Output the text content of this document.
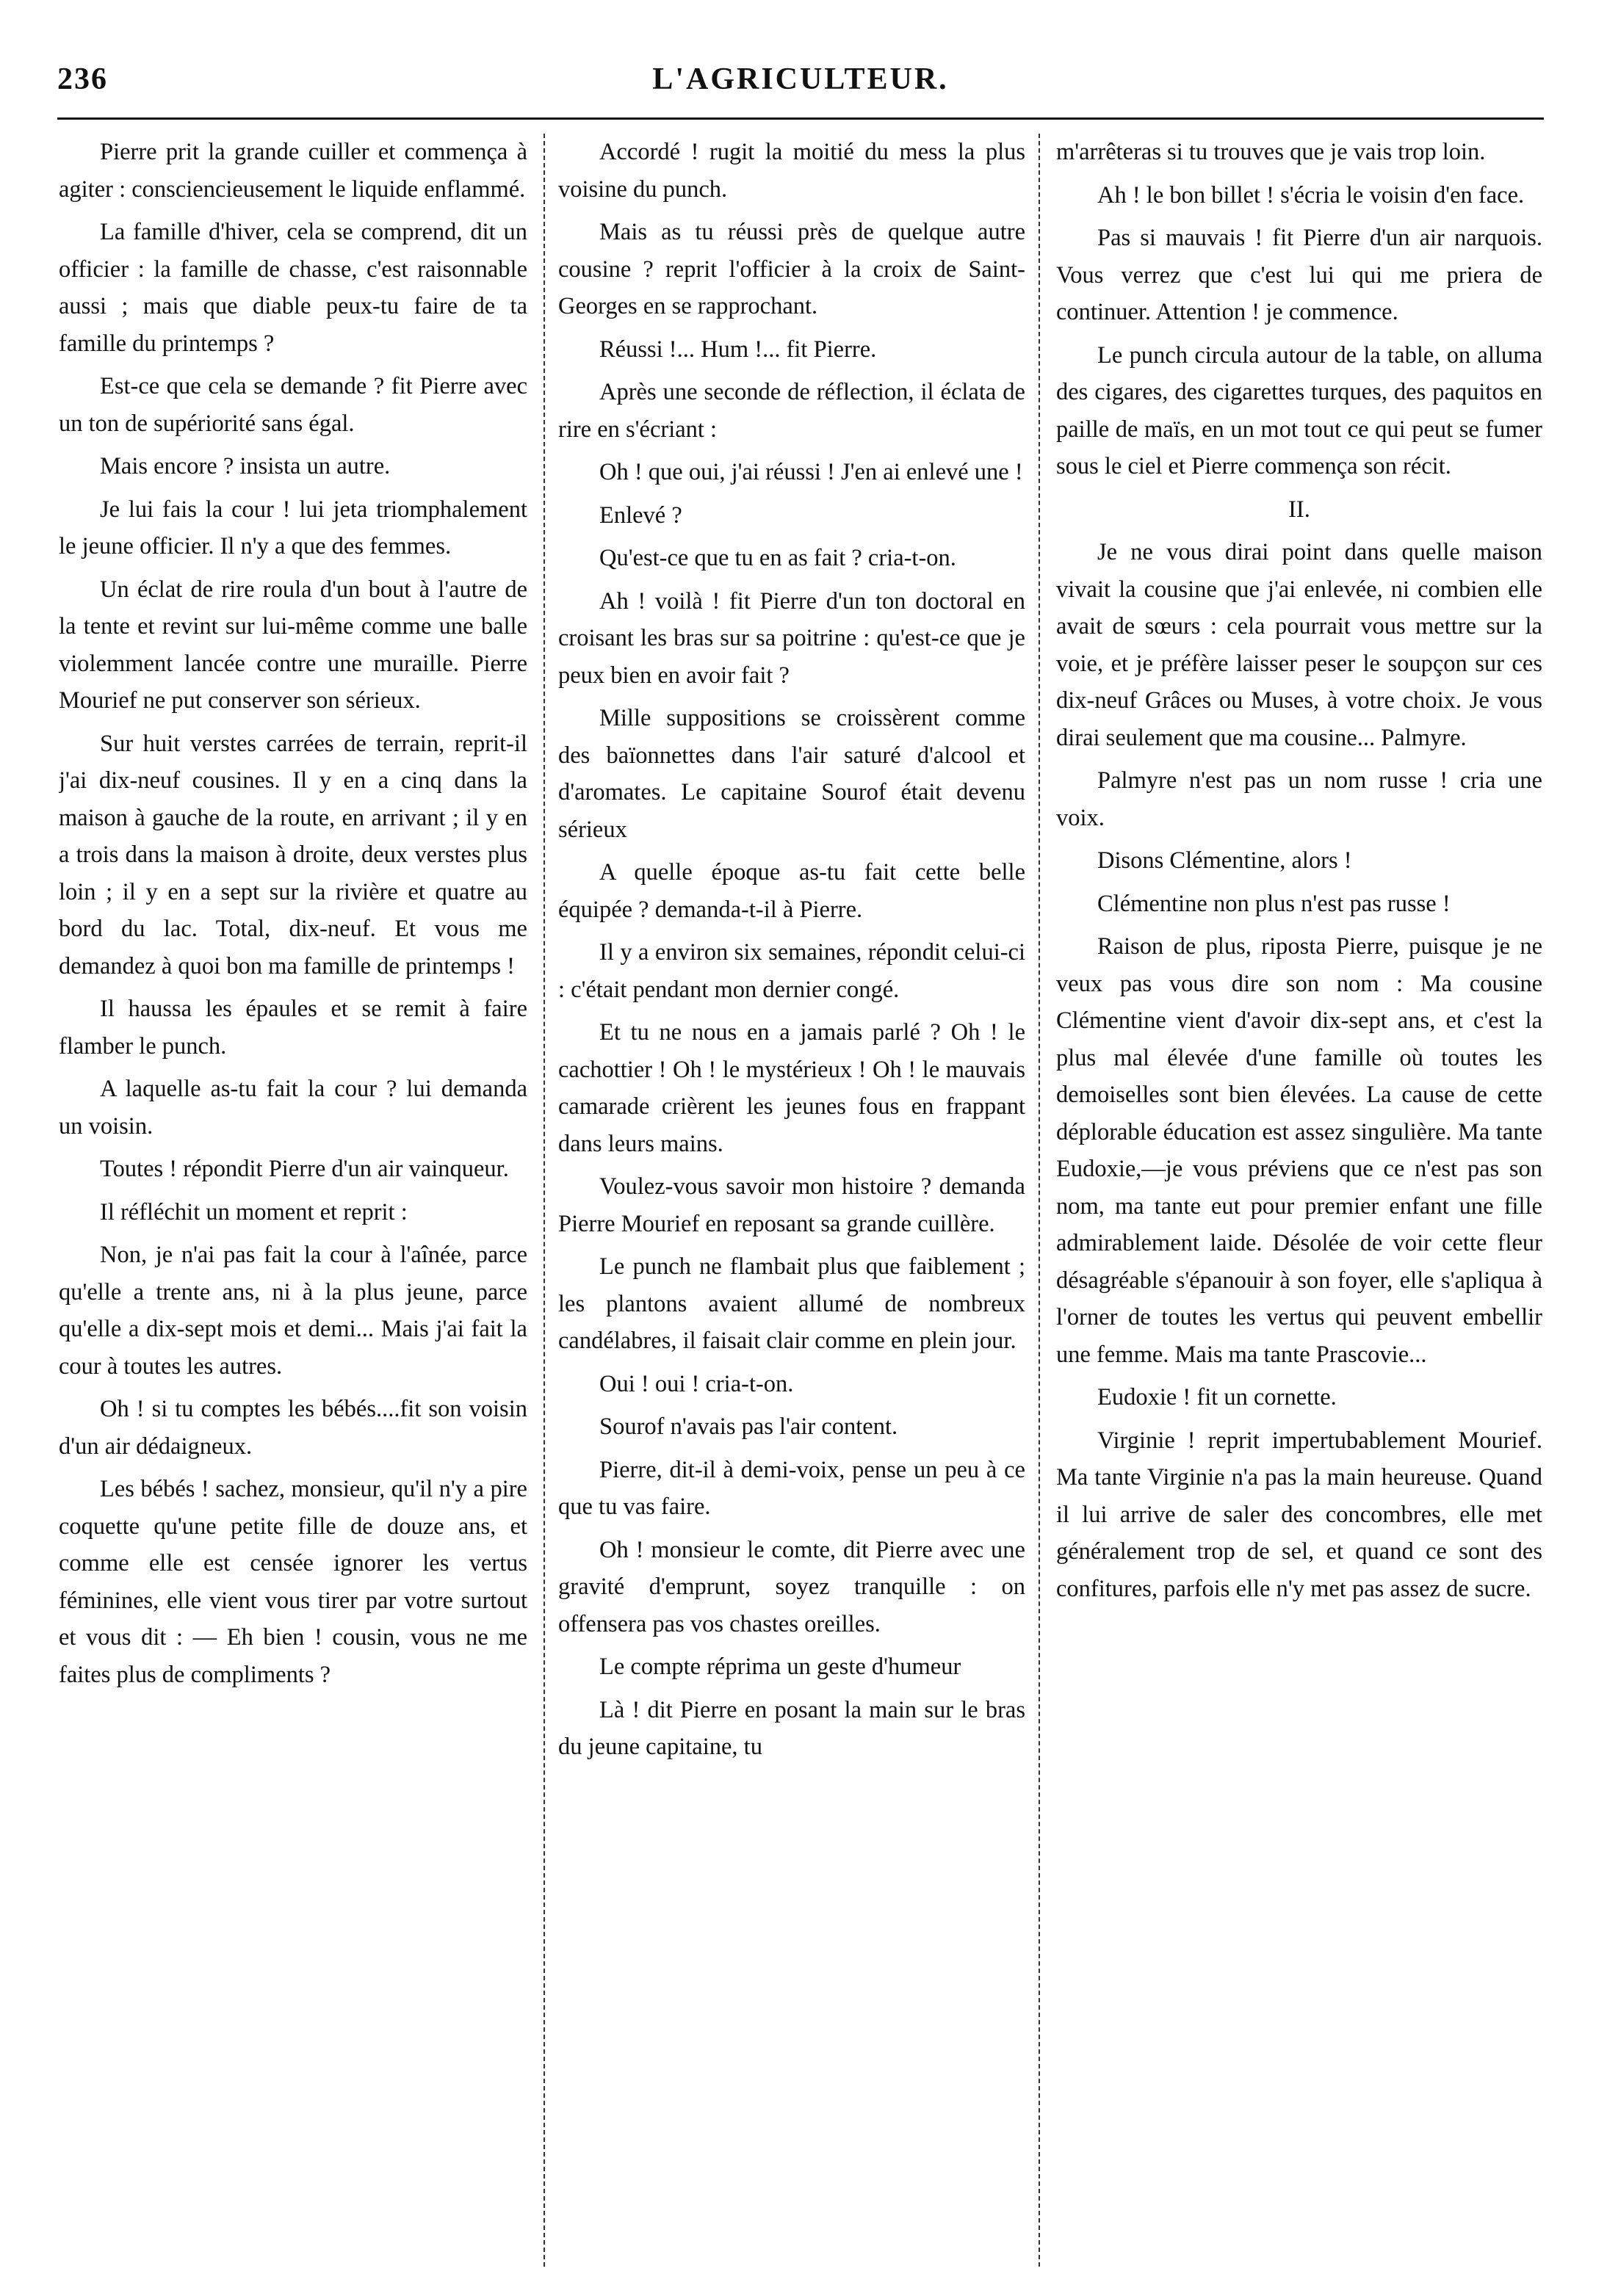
236	L'AGRICULTEUR.

Pierre prit la grande cuiller et commença à agiter : consciencieusement le liquide enflammé.

La famille d'hiver, cela se comprend, dit un officier : la famille de chasse, c'est raisonnable aussi ; mais que diable peux-tu faire de ta famille du printemps ?

Est-ce que cela se demande ? fit Pierre avec un ton de supériorité sans égal.

Mais encore ? insista un autre.

Je lui fais la cour ! lui jeta triomphalement le jeune officier. Il n'y a que des femmes.

Un éclat de rire roula d'un bout à l'autre de la tente et revint sur lui-même comme une balle violemment lancée contre une muraille. Pierre Mourief ne put conserver son sérieux.

Sur huit verstes carrées de terrain, reprit-il j'ai dix-neuf cousines. Il y en a cinq dans la maison à gauche de la route, en arrivant ; il y en a trois dans la maison à droite, deux verstes plus loin ; il y en a sept sur la rivière et quatre au bord du lac. Total, dix-neuf. Et vous me demandez à quoi bon ma famille de printemps !

Il haussa les épaules et se remit à faire flamber le punch.

A laquelle as-tu fait la cour ? lui demanda un voisin.

Toutes ! répondit Pierre d'un air vainqueur.

Il réfléchit un moment et reprit :

Non, je n'ai pas fait la cour à l'aînée, parce qu'elle a trente ans, ni à la plus jeune, parce qu'elle a dix-sept mois et demi... Mais j'ai fait la cour à toutes les autres.

Oh ! si tu comptes les bébés....fit son voisin d'un air dédaigneux.

Les bébés ! sachez, monsieur, qu'il n'y a pire coquette qu'une petite fille de douze ans, et comme elle est censée ignorer les vertus féminines, elle vient vous tirer par votre surtout et vous dit : — Eh bien ! cousin, vous ne me faites plus de compliments ?

Accordé ! rugit la moitié du mess la plus voisine du punch.

Mais as tu réussi près de quelque autre cousine ? reprit l'officier à la croix de Saint-Georges en se rapprochant.

Réussi !... Hum !... fit Pierre.

Après une seconde de réflection, il éclata de rire en s'écriant :

Oh ! que oui, j'ai réussi ! J'en ai enlevé une !

Enlevé ?

Qu'est-ce que tu en as fait ? cria-t-on.

Ah ! voilà ! fit Pierre d'un ton doctoral en croisant les bras sur sa poitrine : qu'est-ce que je peux bien en avoir fait ?

Mille suppositions se croissèrent comme des baïonnettes dans l'air saturé d'alcool et d'aromates. Le capitaine Sourof était devenu sérieux

A quelle époque as-tu fait cette belle équipée ? demanda-t-il à Pierre.

Il y a environ six semaines, répondit celui-ci : c'était pendant mon dernier congé.

Et tu ne nous en a jamais parlé ? Oh ! le cachottier ! Oh ! le mystérieux ! Oh ! le mauvais camarade crièrent les jeunes fous en frappant dans leurs mains.

Voulez-vous savoir mon histoire ? demanda Pierre Mourief en reposant sa grande cuillère.

Le punch ne flambait plus que faiblement ; les plantons avaient allumé de nombreux candélabres, il faisait clair comme en plein jour.

Oui ! oui ! cria-t-on.

Sourof n'avais pas l'air content.

Pierre, dit-il à demi-voix, pense un peu à ce que tu vas faire.

Oh ! monsieur le comte, dit Pierre avec une gravité d'emprunt, soyez tranquille : on offensera pas vos chastes oreilles.

Le compte réprima un geste d'humeur

Là ! dit Pierre en posant la main sur le bras du jeune capitaine, tu

m'arrêteras si tu trouves que je vais trop loin.

Ah ! le bon billet ! s'écria le voisin d'en face.

Pas si mauvais ! fit Pierre d'un air narquois. Vous verrez que c'est lui qui me priera de continuer. Attention ! je commence.

Le punch circula autour de la table, on alluma des cigares, des cigarettes turques, des paquitos en paille de maïs, en un mot tout ce qui peut se fumer sous le ciel et Pierre commença son récit.

II.

Je ne vous dirai point dans quelle maison vivait la cousine que j'ai enlevée, ni combien elle avait de sœurs : cela pourrait vous mettre sur la voie, et je préfère laisser peser le soupçon sur ces dix-neuf Grâces ou Muses, à votre choix. Je vous dirai seulement que ma cousine... Palmyre.

Palmyre n'est pas un nom russe ! cria une voix.

Disons Clémentine, alors !

Clémentine non plus n'est pas russe !

Raison de plus, riposta Pierre, puisque je ne veux pas vous dire son nom : Ma cousine Clémentine vient d'avoir dix-sept ans, et c'est la plus mal élevée d'une famille où toutes les demoiselles sont bien élevées. La cause de cette déplorable éducation est assez singulière. Ma tante Eudoxie,—je vous préviens que ce n'est pas son nom, ma tante eut pour premier enfant une fille admirablement laide. Désolée de voir cette fleur désagréable s'épanouir à son foyer, elle s'apliqua à l'orner de toutes les vertus qui peuvent embellir une femme. Mais ma tante Prascovie...

Eudoxie ! fit un cornette.

Virginie ! reprit impertubablement Mourief. Ma tante Virginie n'a pas la main heureuse. Quand il lui arrive de saler des concombres, elle met généralement trop de sel, et quand ce sont des confitures, parfois elle n'y met pas assez de sucre.
